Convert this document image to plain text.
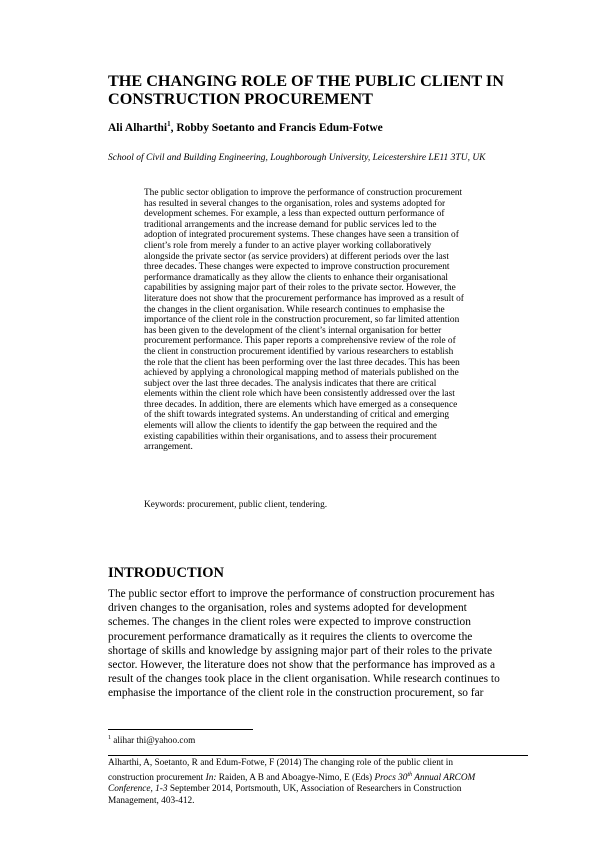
THE CHANGING ROLE OF THE PUBLIC CLIENT IN
CONSTRUCTION PROCUREMENT
Ali Alharthi$^1$, Robby Soetanto and Francis Edum-Fotwe
School of Civil and Building Engineering, Loughborough University, Leicestershire LE11 3TU, UK
The public sector obligation to improve the performance of construction procurement
has resulted in several changes to the organisation, roles and systems adopted for
development schemes. For example, a less than expected outturn performance of
traditional arrangements and the increase demand for public services led to the
adoption of integrated procurement systems. These changes have seen a transition of
client’s role from merely a funder to an active player working collaboratively
alongside the private sector (as service providers) at different periods over the last
three decades. These changes were expected to improve construction procurement
performance dramatically as they allow the clients to enhance their organisational
capabilities by assigning major part of their roles to the private sector. However, the
literature does not show that the procurement performance has improved as a result of
the changes in the client organisation. While research continues to emphasise the
importance of the client role in the construction procurement, so far limited attention
has been given to the development of the client’s internal organisation for better
procurement performance. This paper reports a comprehensive review of the role of
the client in construction procurement identified by various researchers to establish
the role that the client has been performing over the last three decades. This has been
achieved by applying a chronological mapping method of materials published on the
subject over the last three decades. The analysis indicates that there are critical
elements within the client role which have been consistently addressed over the last
three decades. In addition, there are elements which have emerged as a consequence
of the shift towards integrated systems. An understanding of critical and emerging
elements will allow the clients to identify the gap between the required and the
existing capabilities within their organisations, and to assess their procurement
arrangement.
Keywords: procurement, public client, tendering.
INTRODUCTION
The public sector effort to improve the performance of construction procurement has
driven changes to the organisation, roles and systems adopted for development
schemes. The changes in the client roles were expected to improve construction
procurement performance dramatically as it requires the clients to overcome the
shortage of skills and knowledge by assigning major part of their roles to the private
sector. However, the literature does not show that the performance has improved as a
result of the changes took place in the client organisation. While research continues to
emphasise the importance of the client role in the construction procurement, so far
$^1$ alihar thi@yahoo.com
Alharthi, A, Soetanto, R and Edum-Fotwe, F (2014) The changing role of the public client in
construction procurement In: Raiden, A B and Aboagye-Nimo, E (Eds) Procs 30th Annual ARCOM
Conference, 1-3 September 2014, Portsmouth, UK, Association of Researchers in Construction
Management, 403-412.
